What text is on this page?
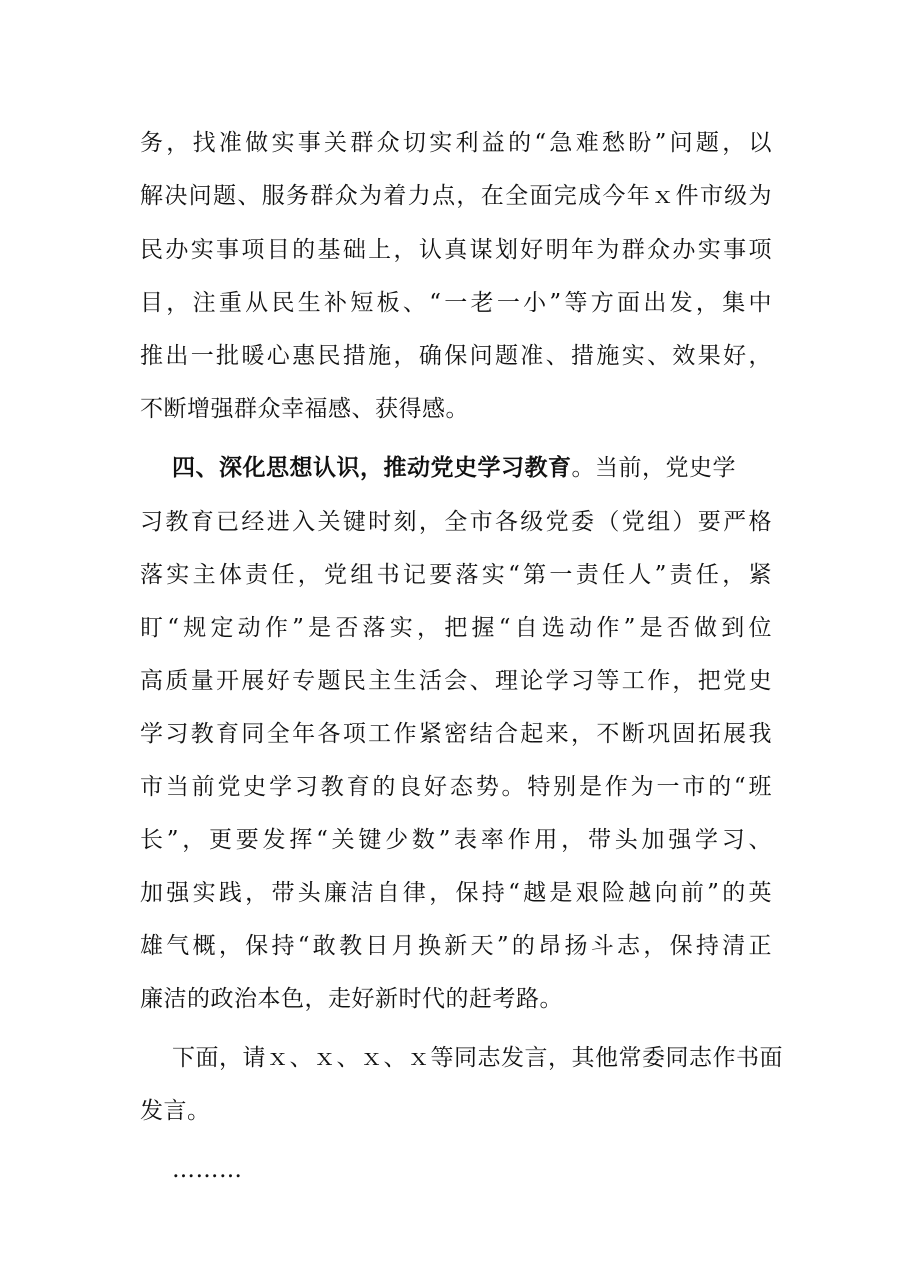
务，找准做实事关群众切实利益的“急难愁盼”问题，以
解决问题、服务群众为着力点，在全面完成今年ｘ件市级为
民办实事项目的基础上，认真谋划好明年为群众办实事项
目，注重从民生补短板、“一老一小”等方面出发，集中
推出一批暖心惠民措施，确保问题准、措施实、效果好，
不断增强群众幸福感、获得感。
四、深化思想认识，推动党史学习教育。当前，党史学
习教育已经进入关键时刻，全市各级党委（党组）要严格
落实主体责任，党组书记要落实“第一责任人”责任，紧
盯“规定动作”是否落实，把握“自选动作”是否做到位
高质量开展好专题民主生活会、理论学习等工作，把党史
学习教育同全年各项工作紧密结合起来，不断巩固拓展我
市当前党史学习教育的良好态势。特别是作为一市的“班
长”，更要发挥“关键少数”表率作用，带头加强学习、
加强实践，带头廉洁自律，保持“越是艰险越向前”的英
雄气概，保持“敢教日月换新天”的昂扬斗志，保持清正
廉洁的政治本色，走好新时代的赶考路。
下面，请ｘ、ｘ、ｘ、ｘ等同志发言，其他常委同志作书面
发言。
………
